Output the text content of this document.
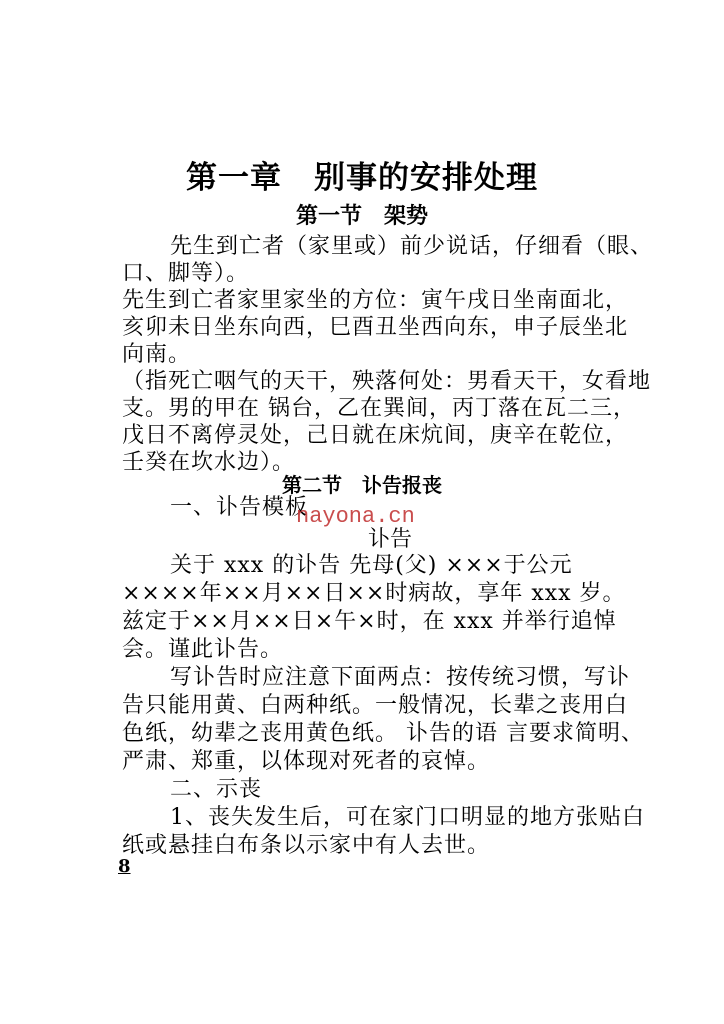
第一章　别事的安排处理
第一节　架势
先生到亡者（家里或）前少说话，仔细看（眼、
口、脚等）。
先生到亡者家里家坐的方位：寅午戌日坐南面北，
亥卯未日坐东向西，巳酉丑坐西向东，申子辰坐北
向南。
（指死亡咽气的天干，殃落何处：男看天干，女看地
支。男的甲在 锅台，乙在巽间，丙丁落在瓦二三，
戊日不离停灵处，己日就在床炕间，庚辛在乾位，
壬癸在坎水边）。
第二节　讣告报丧
一、讣告模板
nayona.cn
讣告
关于 xxx 的讣告 先母(父) ×××于公元
××××年××月××日××时病故，享年 xxx 岁。
兹定于××月××日×午×时，在 xxx 并举行追悼
会。谨此讣告。
写讣告时应注意下面两点：按传统习惯，写讣
告只能用黄、白两种纸。一般情况，长辈之丧用白
色纸，幼辈之丧用黄色纸。 讣告的语 言要求简明、
严肃、郑重，以体现对死者的哀悼。
二、示丧
1、丧失发生后，可在家门口明显的地方张贴白
纸或悬挂白布条以示家中有人去世。
8
